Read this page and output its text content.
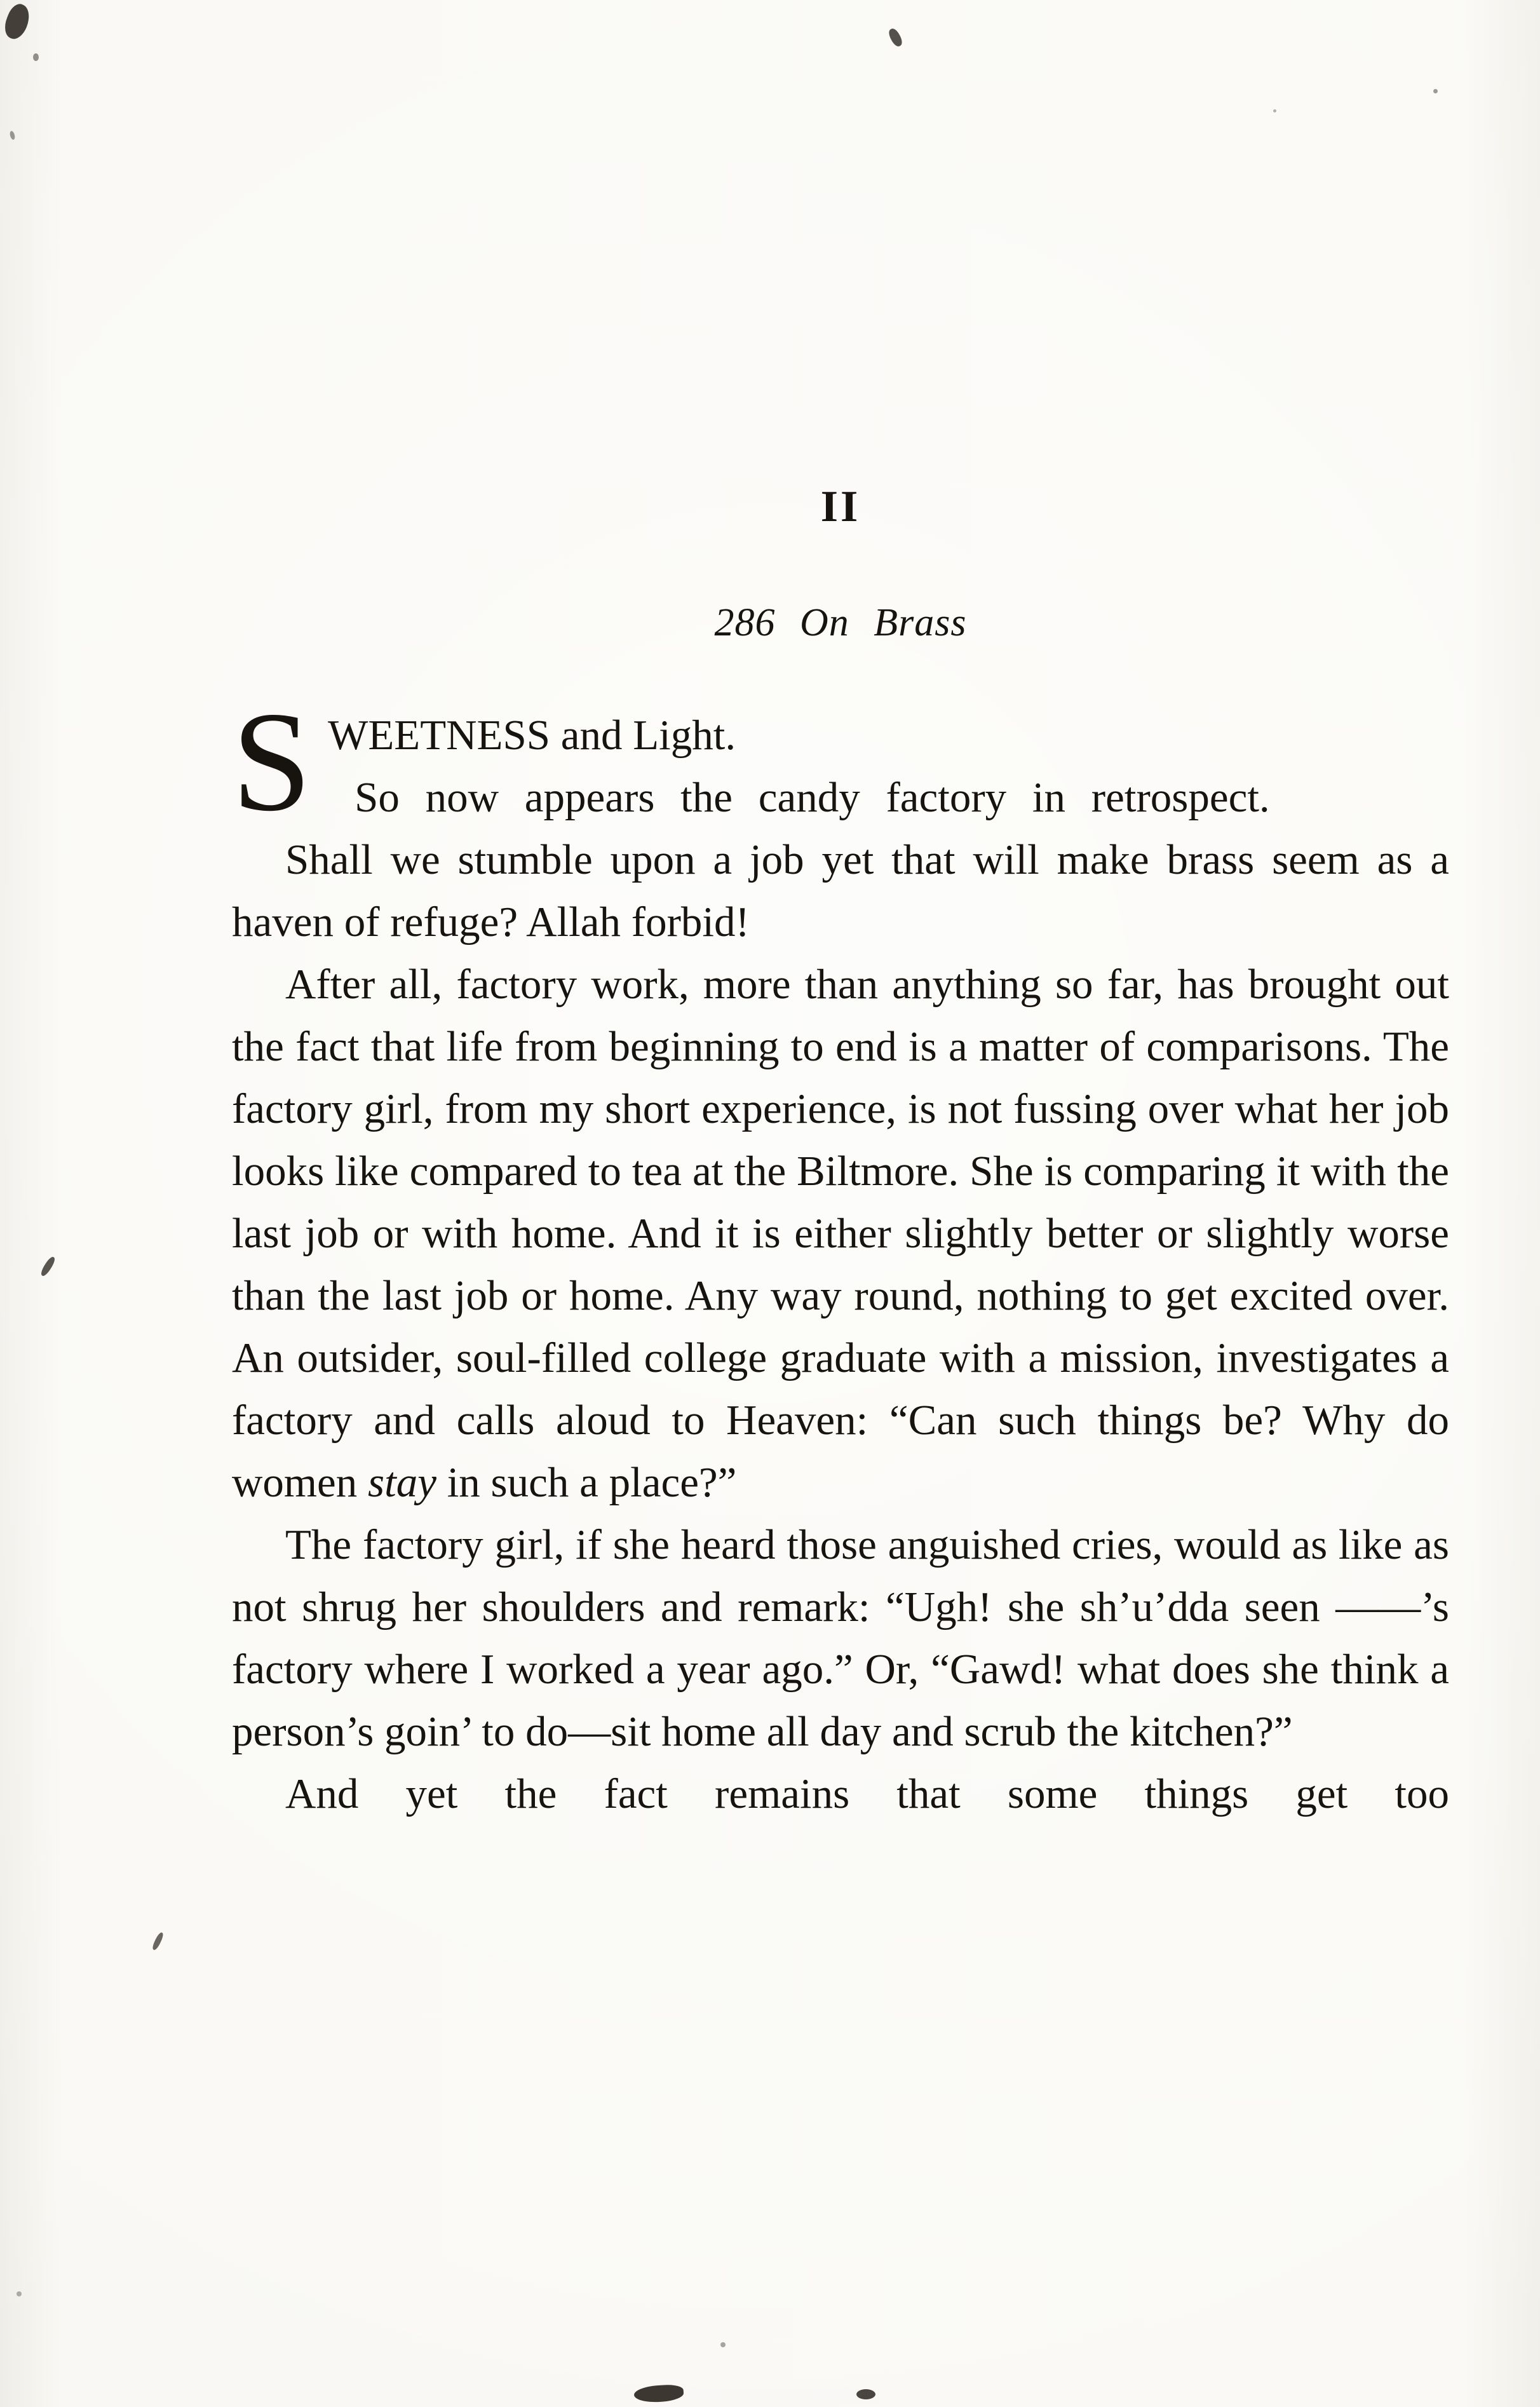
II
286 On Brass

SWEETNESS and Light.
So now appears the candy factory in retrospect.

Shall we stumble upon a job yet that will make brass seem as a haven of refuge? Allah forbid!

After all, factory work, more than anything so far, has brought out the fact that life from beginning to end is a matter of comparisons. The factory girl, from my short experience, is not fussing over what her job looks like compared to tea at the Biltmore. She is comparing it with the last job or with home. And it is either slightly better or slightly worse than the last job or home. Any way round, nothing to get excited over. An outsider, soul-filled college graduate with a mission, investigates a factory and calls aloud to Heaven: “Can such things be? Why do women stay in such a place?”

The factory girl, if she heard those anguished cries, would as like as not shrug her shoulders and remark: “Ugh! she sh’u’dda seen ——’s factory where I worked a year ago.” Or, “Gawd! what does she think a person’s goin’ to do—sit home all day and scrub the kitchen?”

And yet the fact remains that some things get too
